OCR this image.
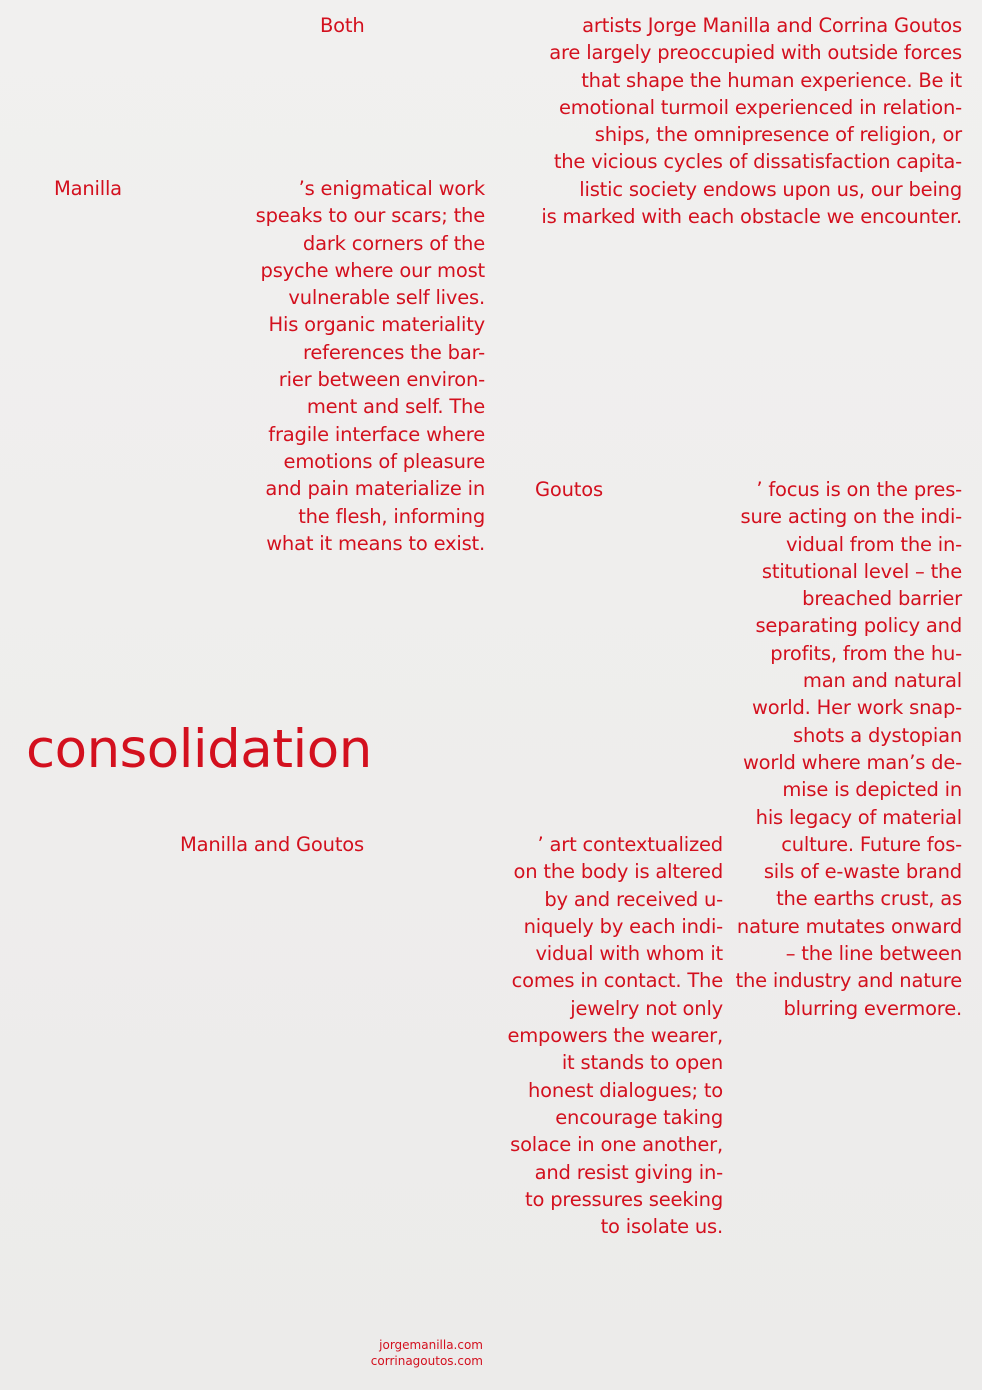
Both	artists Jorge Manilla and Corrina Goutos
are largely preoccupied with outside forces
that shape the human experience. Be it
emotional turmoil experienced in relation-
ships, the omnipresence of religion, or
the vicious cycles of dissatisfaction capita-
listic society endows upon us, our being
is marked with each obstacle we encounter.
Manilla	’s enigmatical work
speaks to our scars; the
dark corners of the
psyche where our most
vulnerable self lives.
His organic materiality
references the bar-
rier between environ-
ment and self. The
fragile interface where
emotions of pleasure
and pain materialize in
the flesh, informing
what it means to exist.
Goutos	’ focus is on the pres-
sure acting on the indi-
vidual from the in-
stitutional level – the
breached barrier
separating policy and
profits, from the hu-
man and natural
world. Her work snap-
shots a dystopian
world where man’s de-
mise is depicted in
his legacy of material
culture. Future fos-
sils of e-waste brand
the earths crust, as
nature mutates onward
– the line between
the industry and nature
blurring evermore.
consolidation
Manilla and Goutos	’ art contextualized
on the body is altered
by and received u-
niquely by each indi-
vidual with whom it
comes in contact. The
jewelry not only
empowers the wearer,
it stands to open
honest dialogues; to
encourage taking
solace in one another,
and resist giving in-
to pressures seeking
to isolate us.
jorgemanilla.com
corrinagoutos.com
